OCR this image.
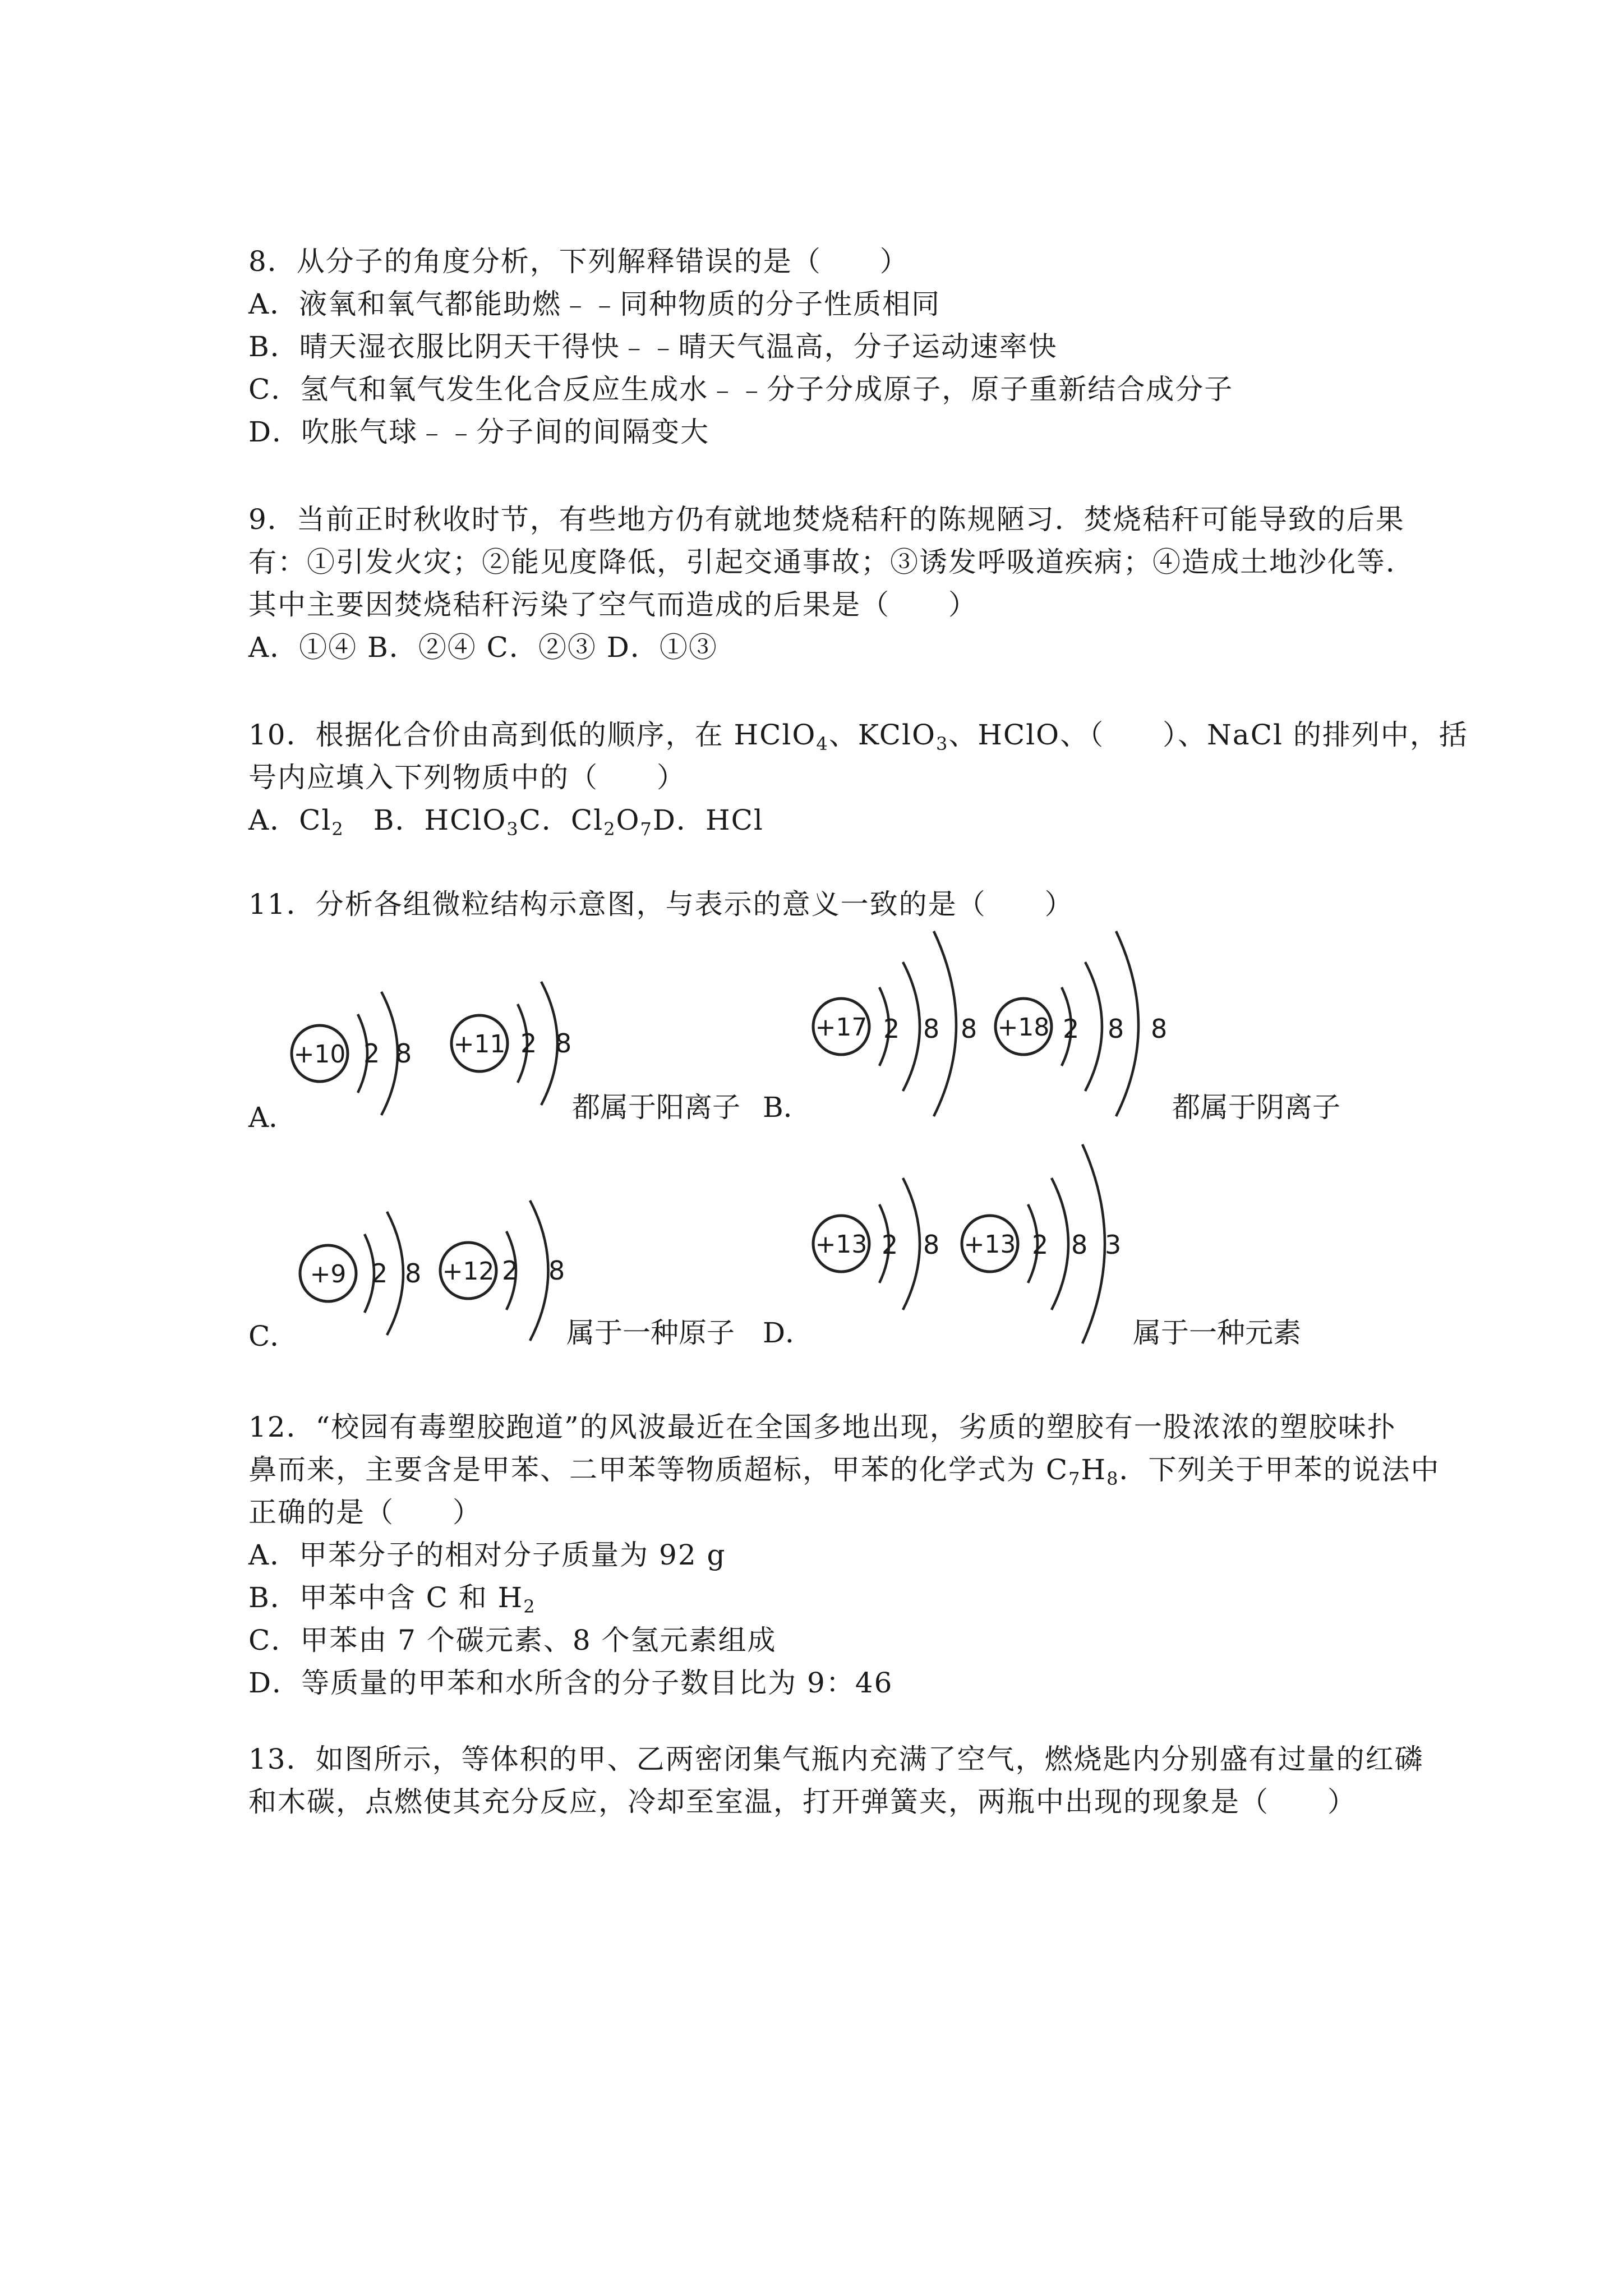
8．从分子的角度分析，下列解释错误的是（　　）
A．液氧和氧气都能助燃﹣﹣同种物质的分子性质相同
B．晴天湿衣服比阴天干得快﹣﹣晴天气温高，分子运动速率快
C．氢气和氧气发生化合反应生成水﹣﹣分子分成原子，原子重新结合成分子
D．吹胀气球﹣﹣分子间的间隔变大
9．当前正时秋收时节，有些地方仍有就地焚烧秸秆的陈规陋习．焚烧秸秆可能导致的后果
有：①引发火灾；②能见度降低，引起交通事故；③诱发呼吸道疾病；④造成土地沙化等．
其中主要因焚烧秸秆污染了空气而造成的后果是（　　）
A．①④ B．②④ C．②③ D．①③
10．根据化合价由高到低的顺序，在 HClO$_4$、KClO$_3$、HClO、（　　）、NaCl 的排列中，括
号内应填入下列物质中的（　　）
A．$Cl_2$　B．HClO$_3$C．$Cl_2O_7D$．HCl
11．分析各组微粒结构示意图，与表示的意义一致的是（　　）
+10 2 8 +11 2 8
A．	都属于阳离子 B．
+17 2 8 8 +18 2 8 8
都属于阴离子
+9 2 8 +12 2 8
C．	属于一种原子 D．
+13 2 8 +13 2 8 3
属于一种元素
12．“校园有毒塑胶跑道”的风波最近在全国多地出现，劣质的塑胶有一股浓浓的塑胶味扑
鼻而来，主要含是甲苯、二甲苯等物质超标，甲苯的化学式为 $C_7H_8$．下列关于甲苯的说法中
正确的是（　　）
A．甲苯分子的相对分子质量为 92 g
B．甲苯中含 C 和 $H_2$
C．甲苯由 7 个碳元素、8 个氢元素组成
D．等质量的甲苯和水所含的分子数目比为 9：46
13．如图所示，等体积的甲、乙两密闭集气瓶内充满了空气，燃烧匙内分别盛有过量的红磷
和木碳，点燃使其充分反应，冷却至室温，打开弹簧夹，两瓶中出现的现象是（　　）
